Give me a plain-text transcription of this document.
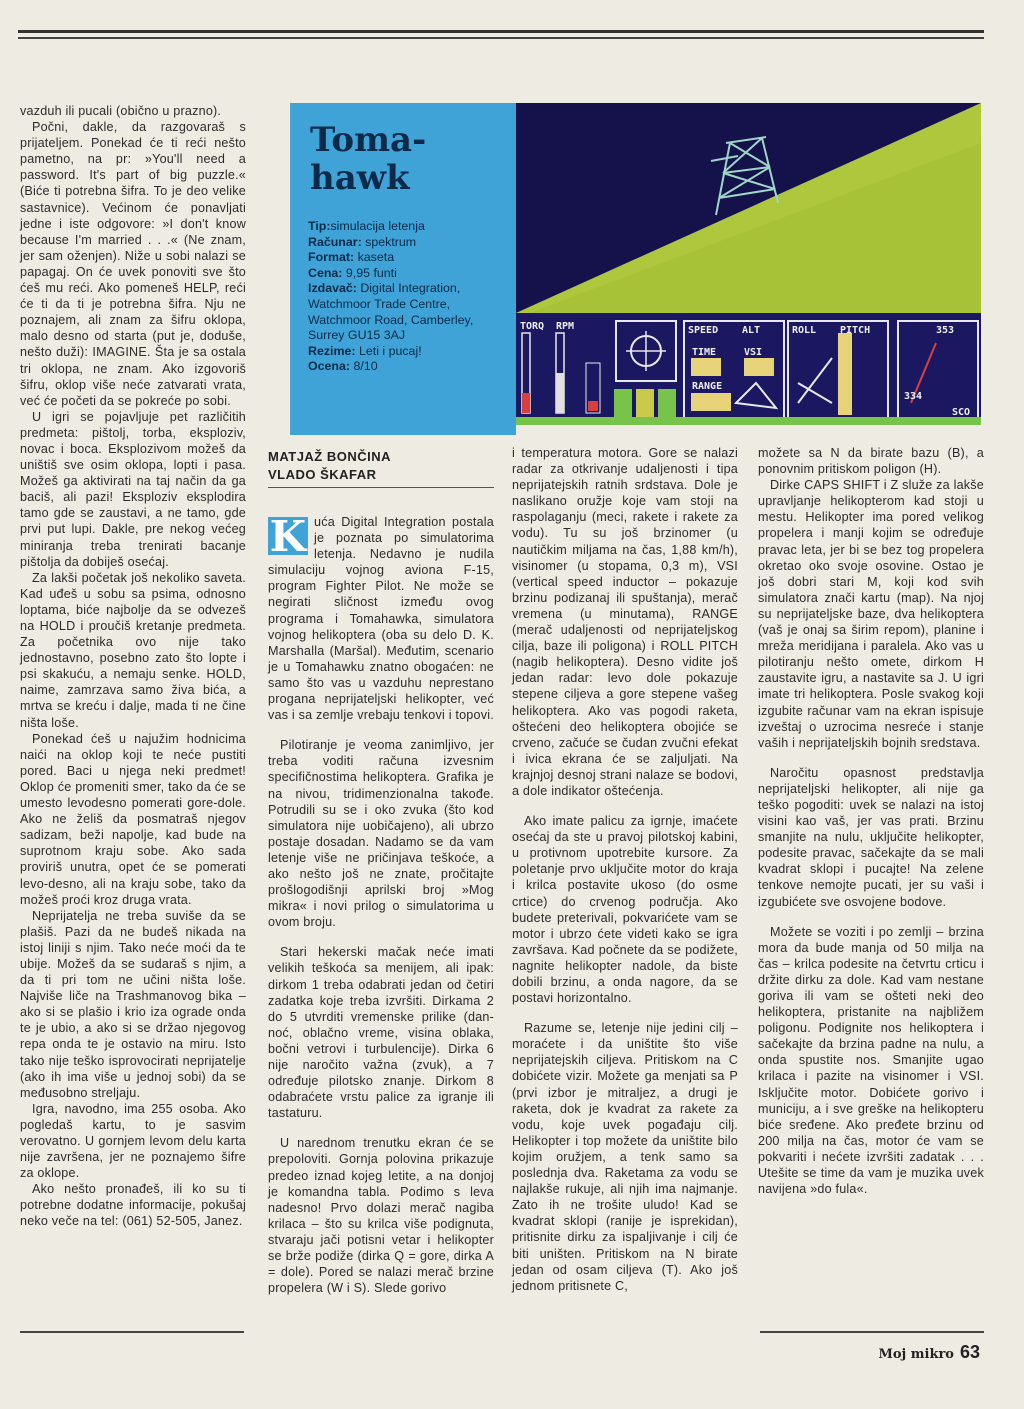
vazduh ili pucali (obično u prazno).

Počni, dakle, da razgovaraš s prijateljem. Ponekad će ti reći nešto pametno, na pr: »You'll need a password. It's part of big puzzle.« (Biće ti potrebna šifra. To je deo velike sastavnice). Većinom će ponavljati jedne i iste odgovore: »I don't know because I'm married . . .« (Ne znam, jer sam oženjen). Niže u sobi nalazi se papagaj. On će uvek ponoviti sve što ćeš mu reći. Ako pomeneš HELP, reći će ti da ti je potrebna šifra. Nju ne poznajem, ali znam za šifru oklopa, malo desno od starta (put je, doduše, nešto duži): IMAGINE. Šta je sa ostala tri oklopa, ne znam. Ako izgovoriš šifru, oklop više neće zatvarati vrata, već će početi da se pokreće po sobi.

U igri se pojavljuje pet različitih predmeta: pištolj, torba, eksploziv, novac i boca. Eksplozivom možeš da uništiš sve osim oklopa, lopti i pasa. Možeš ga aktivirati na taj način da ga baciš, ali pazi! Eksploziv eksplodira tamo gde se zaustavi, a ne tamo, gde prvi put lupi. Dakle, pre nekog većeg miniranja treba trenirati bacanje pištolja da dobiješ osećaj.

Za lakši početak još nekoliko saveta. Kad uđeš u sobu sa psima, odnosno loptama, biće najbolje da se odvezeš na HOLD i proučiš kretanje predmeta. Za početnika ovo nije tako jednostavno, posebno zato što lopte i psi skakuću, a nemaju senke. HOLD, naime, zamrzava samo živa bića, a mrtva se kreću i dalje, mada ti ne čine ništa loše.

Ponekad ćeš u najužim hodnicima naići na oklop koji te neće pustiti pored. Baci u njega neki predmet! Oklop će promeniti smer, tako da će se umesto levodesno pomerati gore-dole. Ako ne želiš da posmatraš njegov sadizam, beži napolje, kad bude na suprotnom kraju sobe. Ako sada proviriš unutra, opet će se pomerati levo-desno, ali na kraju sobe, tako da možeš proći kroz druga vrata.

Neprijatelja ne treba suviše da se plašiš. Pazi da ne budeš nikada na istoj liniji s njim. Tako neće moći da te ubije. Možeš da se sudaraš s njim, a da ti pri tom ne učini ništa loše. Najviše liče na Trashmanovog bika – ako si se plašio i krio iza ograde onda te je ubio, a ako si se držao njegovog repa onda te je ostavio na miru. Isto tako nije teško isprovocirati neprijatelje (ako ih ima više u jednoj sobi) da se međusobno streljaju.

Igra, navodno, ima 255 osoba. Ako pogledaš kartu, to je sasvim verovatno. U gornjem levom delu karta nije završena, jer ne poznajemo šifre za oklope.

Ako nešto pronađeš, ili ko su ti potrebne dodatne informacije, pokušaj neko veče na tel: (061) 52-505, Janez.

Toma-
hawk

Tip:simulacija letenja

Računar: spektrum

Format: kaseta

Cena: 9,95 funti

Izdavač: Digital Integration, Watchmoor Trade Centre, Watchmoor Road, Camberley, Surrey GU15 3AJ

Rezime: Leti i pucaj!

Ocena: 8/10

TORQ RPM	SPEED ALT
TIME	VSI
RANGE
ROLL PITCH	353
334
SCO
MATJAŽ BONČINA
VLADO ŠKAFAR

K uća Digital Integration postala je poznata po simulatorima letenja. Nedavno je nudila simulaciju vojnog aviona F-15, program Fighter Pilot. Ne može se negirati sličnost između ovog programa i Tomahawka, simulatora vojnog helikoptera (oba su delo D. K. Marshalla (Maršal). Međutim, scenario je u Tomahawku znatno obogaćen: ne samo što vas u vazduhu neprestano progana neprijateljski helikopter, već vas i sa zemlje vrebaju tenkovi i topovi.

Pilotiranje je veoma zanimljivo, jer treba voditi računa izvesnim specifičnostima helikoptera. Grafika je na nivou, tridimenzionalna takođe. Potrudili su se i oko zvuka (što kod simulatora nije uobičajeno), ali ubrzo postaje dosadan. Nadamo se da vam letenje više ne pričinjava teškoće, a ako nešto još ne znate, pročitajte prošlogodišnji aprilski broj »Mog mikra« i novi prilog o simulatorima u ovom broju.

Stari hekerski mačak neće imati velikih teškoća sa menijem, ali ipak: dirkom 1 treba odabrati jedan od četiri zadatka koje treba izvršiti. Dirkama 2 do 5 utvrditi vremenske prilike (dan-noć, oblačno vreme, visina oblaka, bočni vetrovi i turbulencije). Dirka 6 nije naročito važna (zvuk), a 7 određuje pilotsko znanje. Dirkom 8 odabraćete vrstu palice za igranje ili tastaturu.

U narednom trenutku ekran će se prepoloviti. Gornja polovina prikazuje predeo iznad kojeg letite, a na donjoj je komandna tabla. Podimo s leva nadesno! Prvo dolazi merač nagiba krilaca – što su krilca više podignuta, stvaraju jači potisni vetar i helikopter se brže podiže (dirka Q = gore, dirka A = dole). Pored se nalazi merač brzine propelera (W i S). Slede gorivo

i temperatura motora. Gore se nalazi radar za otkrivanje udaljenosti i tipa neprijatejskih ratnih srdstava. Dole je naslikano oružje koje vam stoji na raspolaganju (meci, rakete i rakete za vodu). Tu su još brzinomer (u nautičkim miljama na čas, 1,88 km/h), visinomer (u stopama, 0,3 m), VSI (vertical speed inductor – pokazuje brzinu podizanaj ili spuštanja), merač vremena (u minutama), RANGE (merač udaljenosti od neprijateljskog cilja, baze ili poligona) i ROLL PITCH (nagib helikoptera). Desno vidite još jedan radar: levo dole pokazuje stepene ciljeva a gore stepene vašeg helikoptera. Ako vas pogodi raketa, oštećeni deo helikoptera obojiće se crveno, začuće se čudan zvučni efekat i ivica ekrana će se zaljuljati. Na krajnjoj desnoj strani nalaze se bodovi, a dole indikator oštećenja.

Ako imate palicu za igrnje, imaćete osećaj da ste u pravoj pilotskoj kabini, u protivnom upotrebite kursore. Za poletanje prvo uključite motor do kraja i krilca postavite ukoso (do osme crtice) do crvenog područja. Ako budete preterivali, pokvarićete vam se motor i ubrzo ćete videti kako se igra završava. Kad počnete da se podižete, nagnite helikopter nadole, da biste dobili brzinu, a onda nagore, da se postavi horizontalno.

Razume se, letenje nije jedini cilj – moraćete i da uništite što više neprijatejskih ciljeva. Pritiskom na C dobićete vizir. Možete ga menjati sa P (prvi izbor je mitraljez, a drugi je raketa, dok je kvadrat za rakete za vodu, koje uvek pogađaju cilj. Helikopter i top možete da uništite bilo kojim oružjem, a tenk samo sa poslednja dva. Raketama za vodu se najlakše rukuje, ali njih ima najmanje. Zato ih ne trošite uludo! Kad se kvadrat sklopi (ranije je isprekidan), pritisnite dirku za ispaljivanje i cilj će biti uništen. Pritiskom na N birate jedan od osam ciljeva (T). Ako još jednom pritisnete C,

možete sa N da birate bazu (B), a ponovnim pritiskom poligon (H).

Dirke CAPS SHIFT i Z služe za lakše upravljanje helikopterom kad stoji u mestu. Helikopter ima pored velikog propelera i manji kojim se određuje pravac leta, jer bi se bez tog propelera okretao oko svoje osovine. Ostao je još dobri stari M, koji kod svih simulatora znači kartu (map). Na njoj su neprijateljske baze, dva helikoptera (vaš je onaj sa širim repom), planine i mreža meridijana i paralela. Ako vas u pilotiranju nešto omete, dirkom H zaustavite igru, a nastavite sa J. U igri imate tri helikoptera. Posle svakog koji izgubite računar vam na ekran ispisuje izveštaj o uzrocima nesreće i stanje vaših i neprijateljskih bojnih sredstava.

Naročitu opasnost predstavlja neprijateljski helikopter, ali nije ga teško pogoditi: uvek se nalazi na istoj visini kao vaš, jer vas prati. Brzinu smanjite na nulu, uključite helikopter, podesite pravac, sačekajte da se mali kvadrat sklopi i pucajte! Na zelene tenkove nemojte pucati, jer su vaši i izgubićete sve osvojene bodove.

Možete se voziti i po zemlji – brzina mora da bude manja od 50 milja na čas – krilca podesite na četvrtu crticu i držite dirku za dole. Kad vam nestane goriva ili vam se ošteti neki deo helikoptera, pristanite na najbližem poligonu. Podignite nos helikoptera i sačekajte da brzina padne na nulu, a onda spustite nos. Smanjite ugao krilaca i pazite na visinomer i VSI. Isključite motor. Dobićete gorivo i municiju, a i sve greške na helikopteru biće sređene. Ako pređete brzinu od 200 milja na čas, motor će vam se pokvariti i nećete izvršiti zadatak . . . Utešite se time da vam je muzika uvek navijena »do fula«.

Moj mikro 63
